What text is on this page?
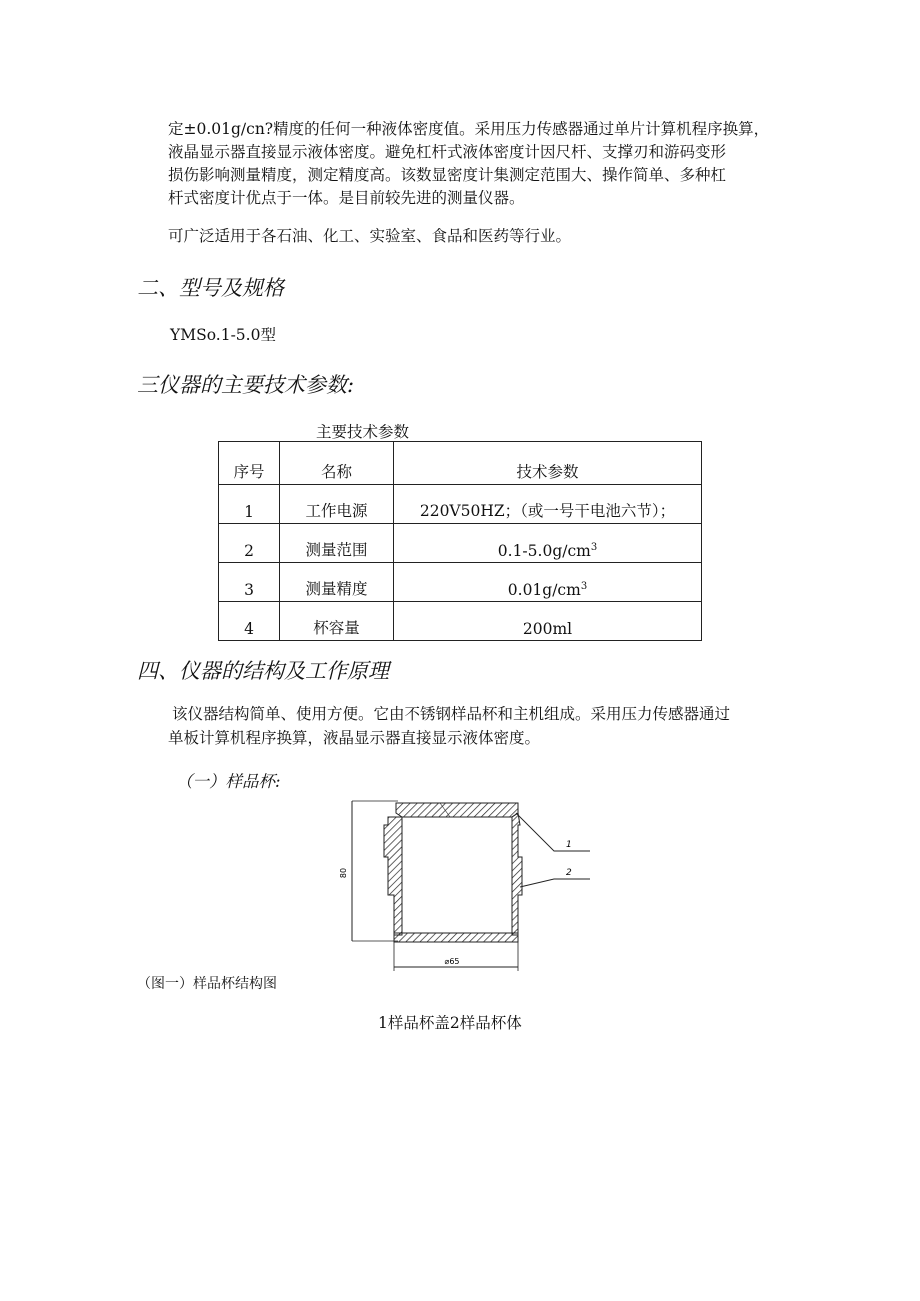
定±0.01g∕cn?精度的任何一种液体密度值。采用压力传感器通过单片计算机程序换算，
液晶显示器直接显示液体密度。避免杠杆式液体密度计因尺杆、支撑刃和游码变形
损伤影响测量精度，测定精度高。该数显密度计集测定范围大、操作简单、多种杠
杆式密度计优点于一体。是目前较先进的测量仪器。
可广泛适用于各石油、化工、实验室、食品和医药等行业。
二、型号及规格
YMSo.1-5.0型
三仪器的主要技术参数:
主要技术参数
序号	名称	技术参数
1	工作电源	220V50HZ；（或一号干电池六节）；
2	测量范围	$0.1-5.0g∕cm^3$
3	测量精度	$0.01g∕cm^3$
4	杯容量	200ml
四、仪器的结构及工作原理
该仪器结构简单、使用方便。它由不锈钢样品杯和主机组成。采用压力传感器通过
单板计算机程序换算，液晶显示器直接显示液体密度。
（一）样品杯:
80
⌀65
1
2
（图一）样品杯结构图
1样品杯盖2样品杯体
